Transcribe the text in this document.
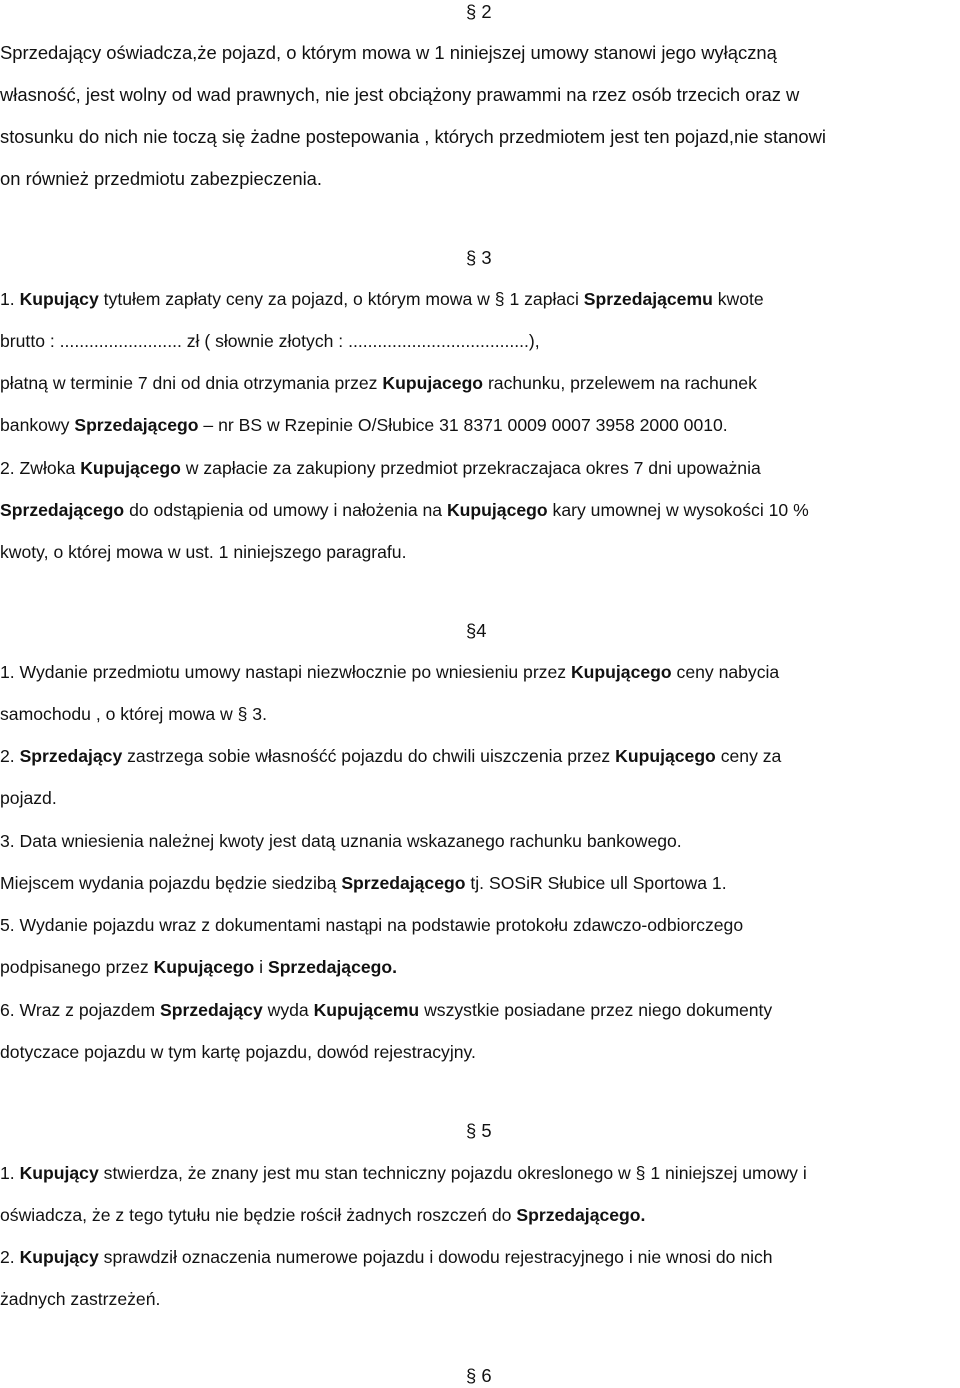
§ 2
Sprzedający oświadcza,że pojazd, o którym mowa w 1 niniejszej umowy stanowi jego wyłączną
własność, jest wolny od wad prawnych, nie jest obciążony prawammi na rzez osób trzecich oraz w
stosunku do nich nie toczą się żadne postepowania , których przedmiotem jest ten pojazd,nie stanowi
on również przedmiotu zabezpieczenia.
§ 3
1. Kupujący tytułem zapłaty ceny za pojazd, o którym mowa w § 1 zapłaci Sprzedającemu kwote
brutto : ......................... zł ( słownie złotych : .....................................),
płatną w terminie 7 dni od dnia otrzymania przez Kupujacego rachunku, przelewem na rachunek
bankowy Sprzedającego – nr BS w Rzepinie O/Słubice 31 8371 0009 0007 3958 2000 0010.
2. Zwłoka Kupującego w zapłacie za zakupiony przedmiot przekraczajaca okres 7 dni upoważnia
Sprzedającego do odstąpienia od umowy i nałożenia na Kupującego kary umownej w wysokości 10 %
kwoty, o której mowa w ust. 1 niniejszego paragrafu.
§4
1. Wydanie przedmiotu umowy nastapi niezwłocznie po wniesieniu przez Kupującego ceny nabycia
samochodu , o której mowa w § 3.
2. Sprzedający zastrzega sobie własnośćć pojazdu do chwili uiszczenia przez Kupującego ceny za
pojazd.
3. Data wniesienia należnej kwoty jest datą uznania wskazanego rachunku bankowego.
Miejscem wydania pojazdu będzie siedzibą Sprzedającego tj. SOSiR Słubice ull Sportowa 1.
5. Wydanie pojazdu wraz z dokumentami nastąpi na podstawie protokołu zdawczo-odbiorczego
podpisanego przez Kupującego i Sprzedającego.
6. Wraz z pojazdem Sprzedający wyda Kupującemu wszystkie posiadane przez niego dokumenty
dotyczace pojazdu w tym kartę pojazdu, dowód rejestracyjny.
§ 5
1. Kupujący stwierdza, że znany jest mu stan techniczny pojazdu okreslonego w § 1 niniejszej umowy i
oświadcza, że z tego tytułu nie będzie rościł żadnych roszczeń do Sprzedającego.
2. Kupujący sprawdził oznaczenia numerowe pojazdu i dowodu rejestracyjnego i nie wnosi do nich
żadnych zastrzeżeń.
§ 6
